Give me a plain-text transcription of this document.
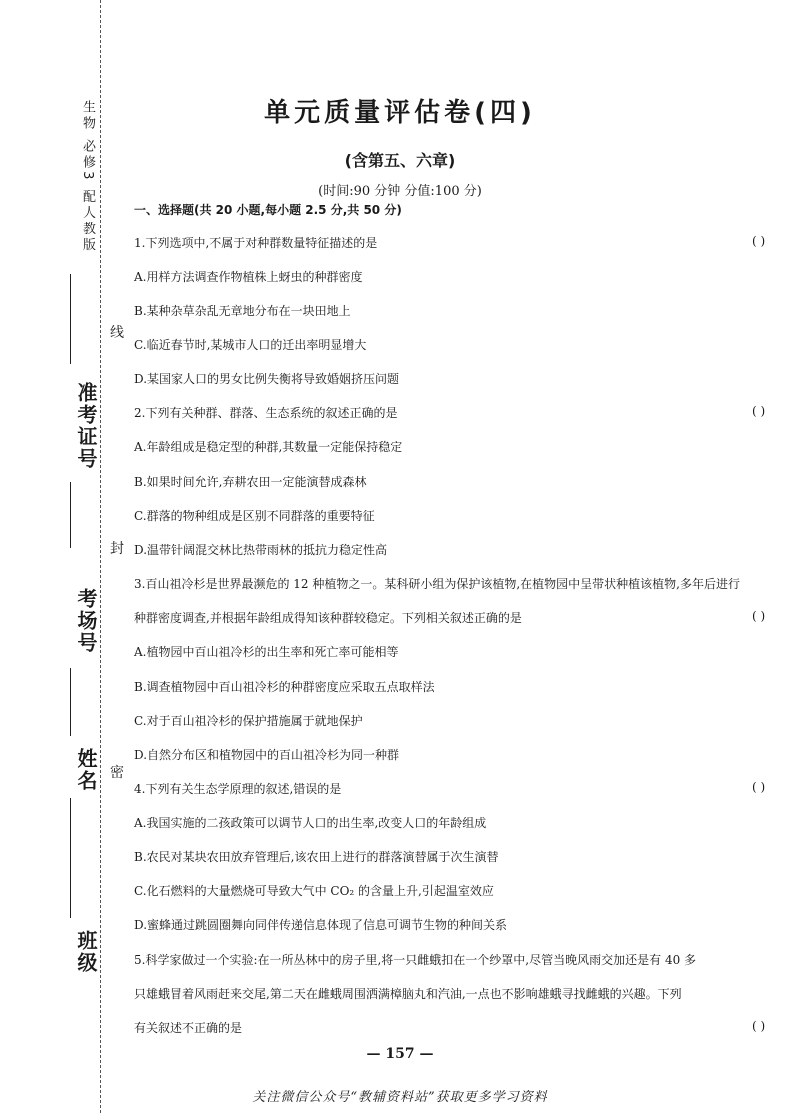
生物 必修3 配人教版
准考证号
考场号
姓名
班级
线
封
密
单元质量评估卷(四)
(含第五、六章)
(时间:90 分钟 分值:100 分)
一、选择题(共 20 小题,每小题 2.5 分,共 50 分)
1.下列选项中,不属于对种群数量特征描述的是	( )
A.用样方法调查作物植株上蚜虫的种群密度
B.某种杂草杂乱无章地分布在一块田地上
C.临近春节时,某城市人口的迁出率明显增大
D.某国家人口的男女比例失衡将导致婚姻挤压问题
2.下列有关种群、群落、生态系统的叙述正确的是	( )
A.年龄组成是稳定型的种群,其数量一定能保持稳定
B.如果时间允许,弃耕农田一定能演替成森林
C.群落的物种组成是区别不同群落的重要特征
D.温带针阔混交林比热带雨林的抵抗力稳定性高
3.百山祖冷杉是世界最濒危的 12 种植物之一。某科研小组为保护该植物,在植物园中呈带状种植该植物,多年后进行
种群密度调查,并根据年龄组成得知该种群较稳定。下列相关叙述正确的是	( )
A.植物园中百山祖冷杉的出生率和死亡率可能相等
B.调查植物园中百山祖冷杉的种群密度应采取五点取样法
C.对于百山祖冷杉的保护措施属于就地保护
D.自然分布区和植物园中的百山祖冷杉为同一种群
4.下列有关生态学原理的叙述,错误的是	( )
A.我国实施的二孩政策可以调节人口的出生率,改变人口的年龄组成
B.农民对某块农田放弃管理后,该农田上进行的群落演替属于次生演替
C.化石燃料的大量燃烧可导致大气中 CO₂ 的含量上升,引起温室效应
D.蜜蜂通过跳圆圈舞向同伴传递信息体现了信息可调节生物的种间关系
5.科学家做过一个实验:在一所丛林中的房子里,将一只雌蛾扣在一个纱罩中,尽管当晚风雨交加还是有 40 多
只雄蛾冒着风雨赶来交尾,第二天在雌蛾周围洒满樟脑丸和汽油,一点也不影响雄蛾寻找雌蛾的兴趣。下列
有关叙述不正确的是	( )
— 157 —
关注微信公众号“教辅资料站”获取更多学习资料
